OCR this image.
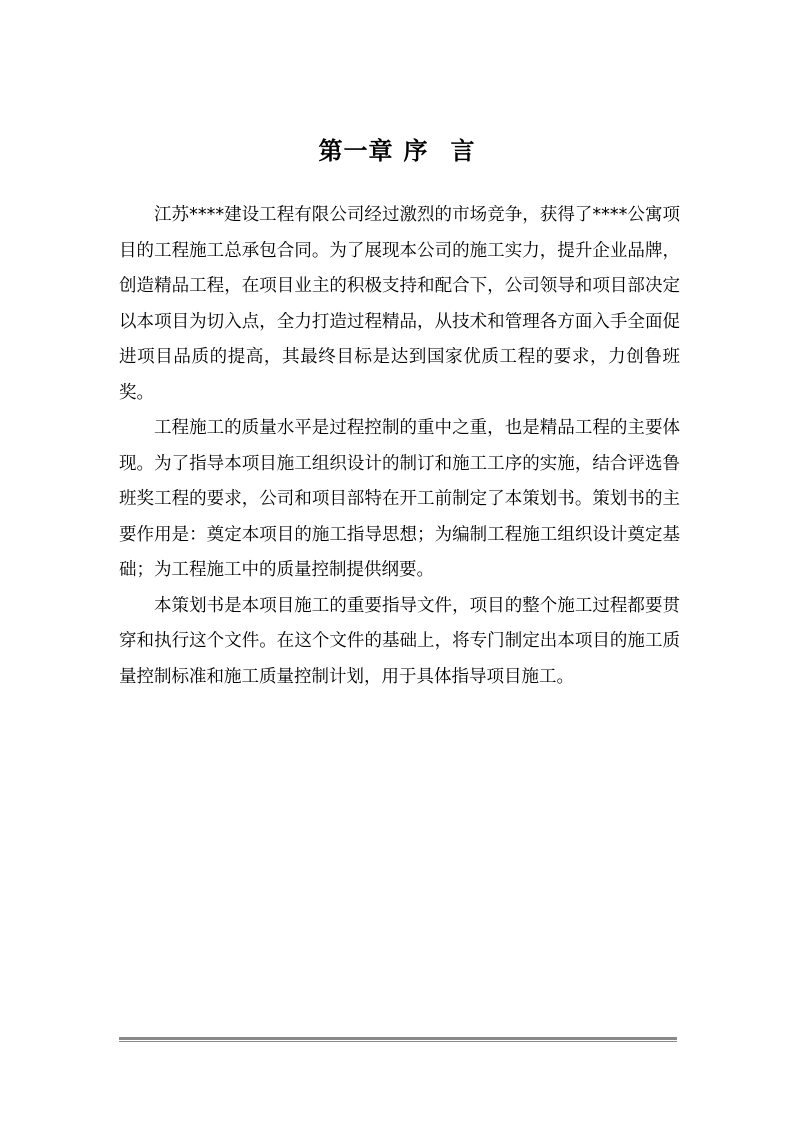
第一章 序 言

江苏****建设工程有限公司经过激烈的市场竞争，获得了****公寓项目的工程施工总承包合同。为了展现本公司的施工实力，提升企业品牌，创造精品工程，在项目业主的积极支持和配合下，公司领导和项目部决定以本项目为切入点，全力打造过程精品，从技术和管理各方面入手全面促进项目品质的提高，其最终目标是达到国家优质工程的要求，力创鲁班奖。

工程施工的质量水平是过程控制的重中之重，也是精品工程的主要体现。为了指导本项目施工组织设计的制订和施工工序的实施，结合评选鲁班奖工程的要求，公司和项目部特在开工前制定了本策划书。策划书的主要作用是：奠定本项目的施工指导思想；为编制工程施工组织设计奠定基础；为工程施工中的质量控制提供纲要。

本策划书是本项目施工的重要指导文件，项目的整个施工过程都要贯穿和执行这个文件。在这个文件的基础上，将专门制定出本项目的施工质量控制标准和施工质量控制计划，用于具体指导项目施工。
